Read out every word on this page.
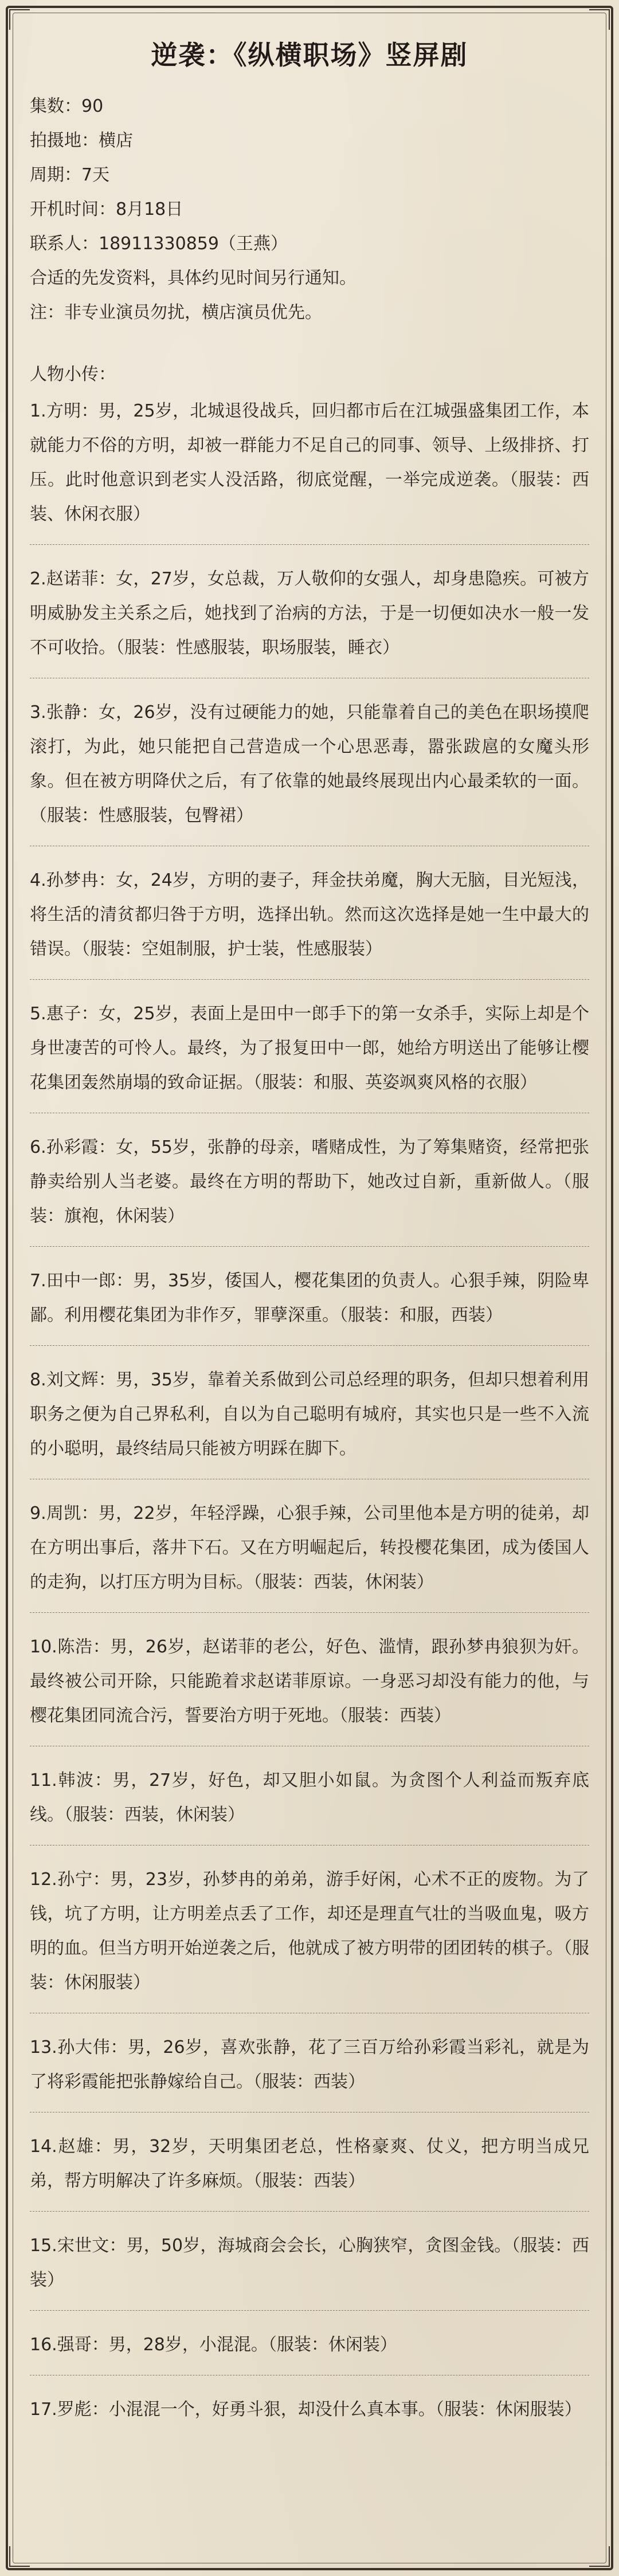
逆袭：《纵横职场》竖屏剧

集数：90

拍摄地：横店

周期：7天

开机时间：8月18日

联系人：18911330859（王燕）

合适的先发资料，具体约见时间另行通知。

注：非专业演员勿扰，横店演员优先。

人物小传：

1.方明：男，25岁，北城退役战兵，回归都市后在江城强盛集团工作，本就能力不俗的方明，却被一群能力不足自己的同事、领导、上级排挤、打压。此时他意识到老实人没活路，彻底觉醒，一举完成逆袭。（服装：西装、休闲衣服）

2.赵诺菲：女，27岁，女总裁，万人敬仰的女强人，却身患隐疾。可被方明威胁发主关系之后，她找到了治病的方法，于是一切便如决水一般一发不可收拾。（服装：性感服装，职场服装，睡衣）

3.张静：女，26岁，没有过硬能力的她，只能靠着自己的美色在职场摸爬滚打，为此，她只能把自己营造成一个心思恶毒，嚣张跋扈的女魔头形象。但在被方明降伏之后，有了依靠的她最终展现出内心最柔软的一面。（服装：性感服装，包臀裙）

4.孙梦冉：女，24岁，方明的妻子，拜金扶弟魔，胸大无脑，目光短浅，将生活的清贫都归咎于方明，选择出轨。然而这次选择是她一生中最大的错误。（服装：空姐制服，护士装，性感服装）

5.惠子：女，25岁，表面上是田中一郎手下的第一女杀手，实际上却是个身世凄苦的可怜人。最终，为了报复田中一郎，她给方明送出了能够让樱花集团轰然崩塌的致命证据。（服装：和服、英姿飒爽风格的衣服）

6.孙彩霞：女，55岁，张静的母亲，嗜赌成性，为了筹集赌资，经常把张静卖给别人当老婆。最终在方明的帮助下，她改过自新，重新做人。（服装：旗袍，休闲装）

7.田中一郎：男，35岁，倭国人，樱花集团的负责人。心狠手辣，阴险卑鄙。利用樱花集团为非作歹，罪孽深重。（服装：和服，西装）

8.刘文辉：男，35岁，靠着关系做到公司总经理的职务，但却只想着利用职务之便为自己界私利，自以为自己聪明有城府，其实也只是一些不入流的小聪明，最终结局只能被方明踩在脚下。

9.周凯：男，22岁，年轻浮躁，心狠手辣，公司里他本是方明的徒弟，却在方明出事后，落井下石。又在方明崛起后，转投樱花集团，成为倭国人的走狗，以打压方明为目标。（服装：西装，休闲装）

10.陈浩：男，26岁，赵诺菲的老公，好色、滥情，跟孙梦冉狼狈为奸。最终被公司开除，只能跪着求赵诺菲原谅。一身恶习却没有能力的他，与樱花集团同流合污，誓要治方明于死地。（服装：西装）

11.韩波：男，27岁，好色，却又胆小如鼠。为贪图个人利益而叛弃底线。（服装：西装，休闲装）

12.孙宁：男，23岁，孙梦冉的弟弟，游手好闲，心术不正的废物。为了钱，坑了方明，让方明差点丢了工作，却还是理直气壮的当吸血鬼，吸方明的血。但当方明开始逆袭之后，他就成了被方明带的团团转的棋子。（服装：休闲服装）

13.孙大伟：男，26岁，喜欢张静，花了三百万给孙彩霞当彩礼，就是为了将彩霞能把张静嫁给自己。（服装：西装）

14.赵雄：男，32岁，天明集团老总，性格豪爽、仗义，把方明当成兄弟，帮方明解决了许多麻烦。（服装：西装）

15.宋世文：男，50岁，海城商会会长，心胸狭窄，贪图金钱。（服装：西装）

16.强哥：男，28岁，小混混。（服装：休闲装）

17.罗彪：小混混一个，好勇斗狠，却没什么真本事。（服装：休闲服装）
